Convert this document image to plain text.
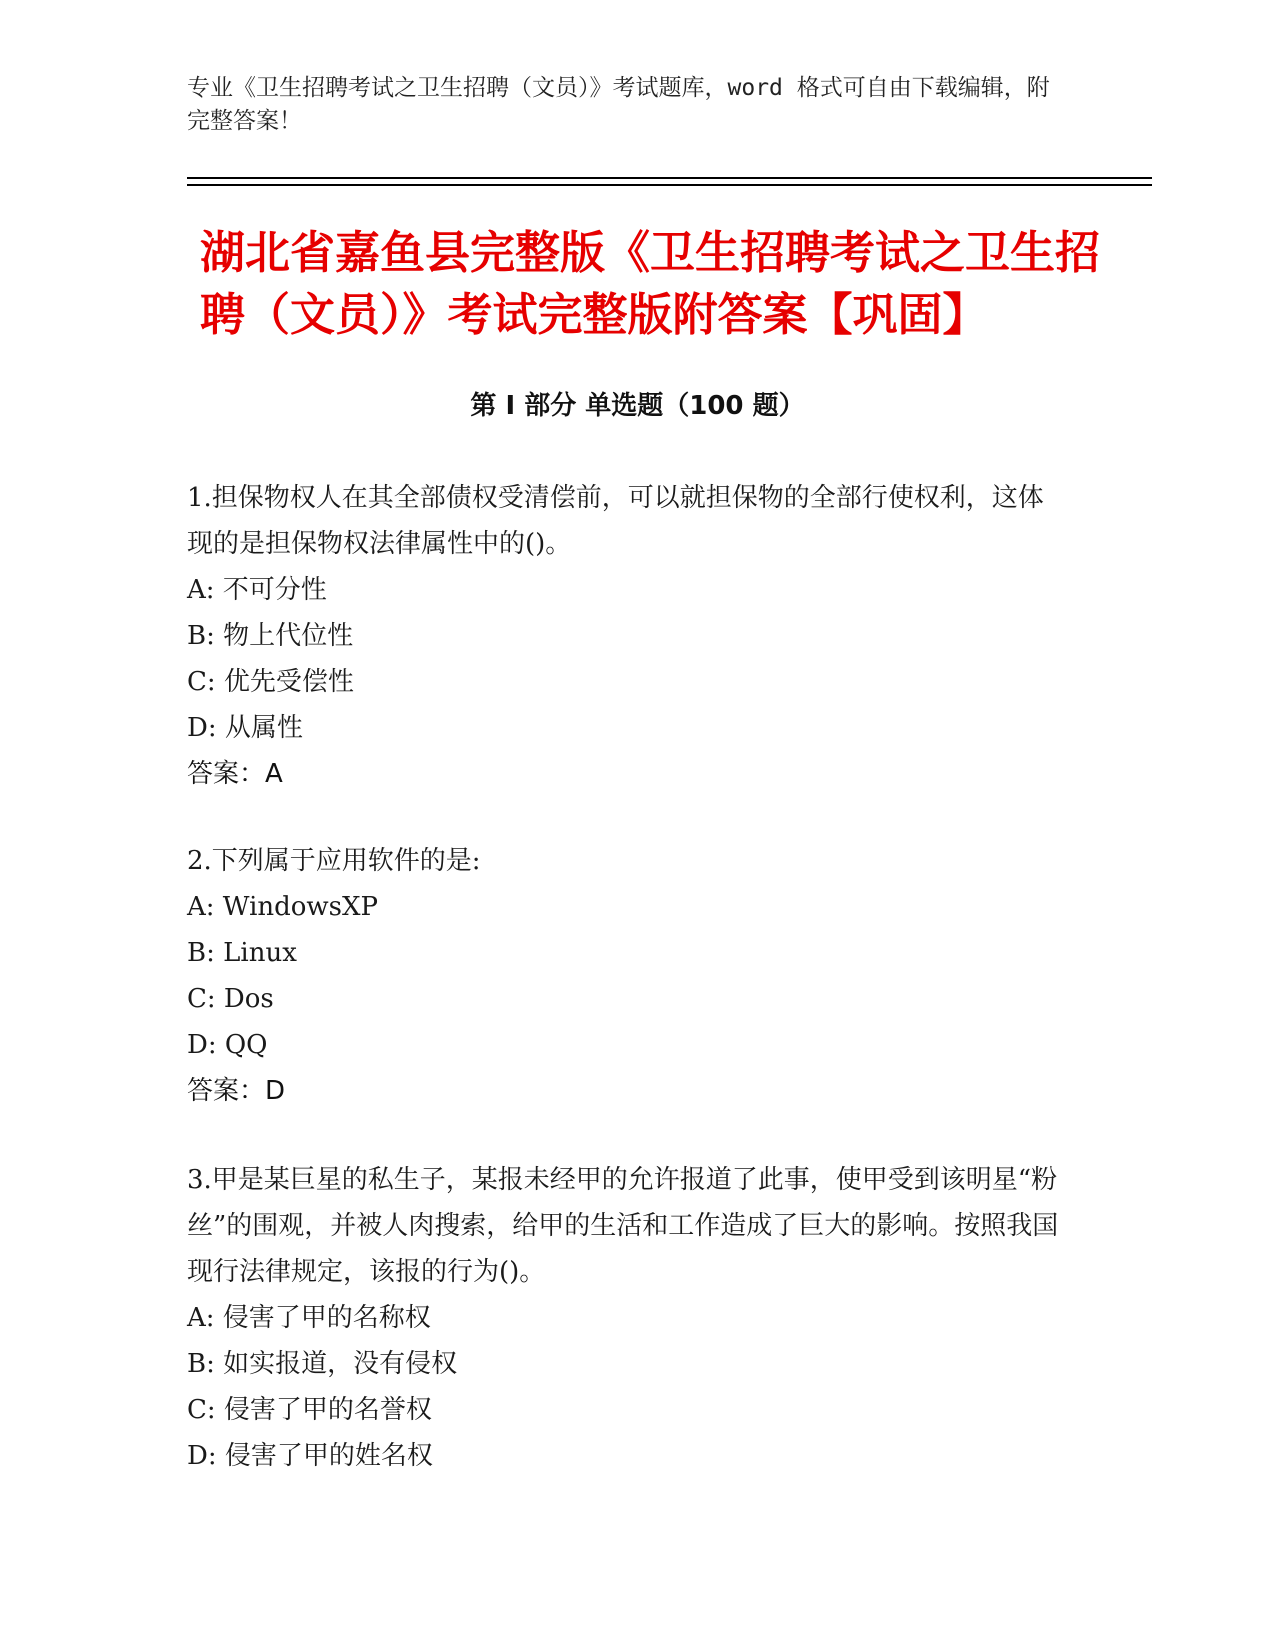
专业《卫生招聘考试之卫生招聘（文员）》考试题库，word 格式可自由下载编辑，附完整答案！
湖北省嘉鱼县完整版《卫生招聘考试之卫生招聘（文员）》考试完整版附答案【巩固】
第 I 部分 单选题（100 题）
1.担保物权人在其全部债权受清偿前，可以就担保物的全部行使权利，这体现的是担保物权法律属性中的()。
A: 不可分性
B: 物上代位性
C: 优先受偿性
D: 从属性
答案：A
2.下列属于应用软件的是:
A: WindowsXP
B: Linux
C: Dos
D: QQ
答案：D
3.甲是某巨星的私生子，某报未经甲的允许报道了此事，使甲受到该明星“粉丝”的围观，并被人肉搜索，给甲的生活和工作造成了巨大的影响。按照我国现行法律规定，该报的行为()。
A: 侵害了甲的名称权
B: 如实报道，没有侵权
C: 侵害了甲的名誉权
D: 侵害了甲的姓名权
